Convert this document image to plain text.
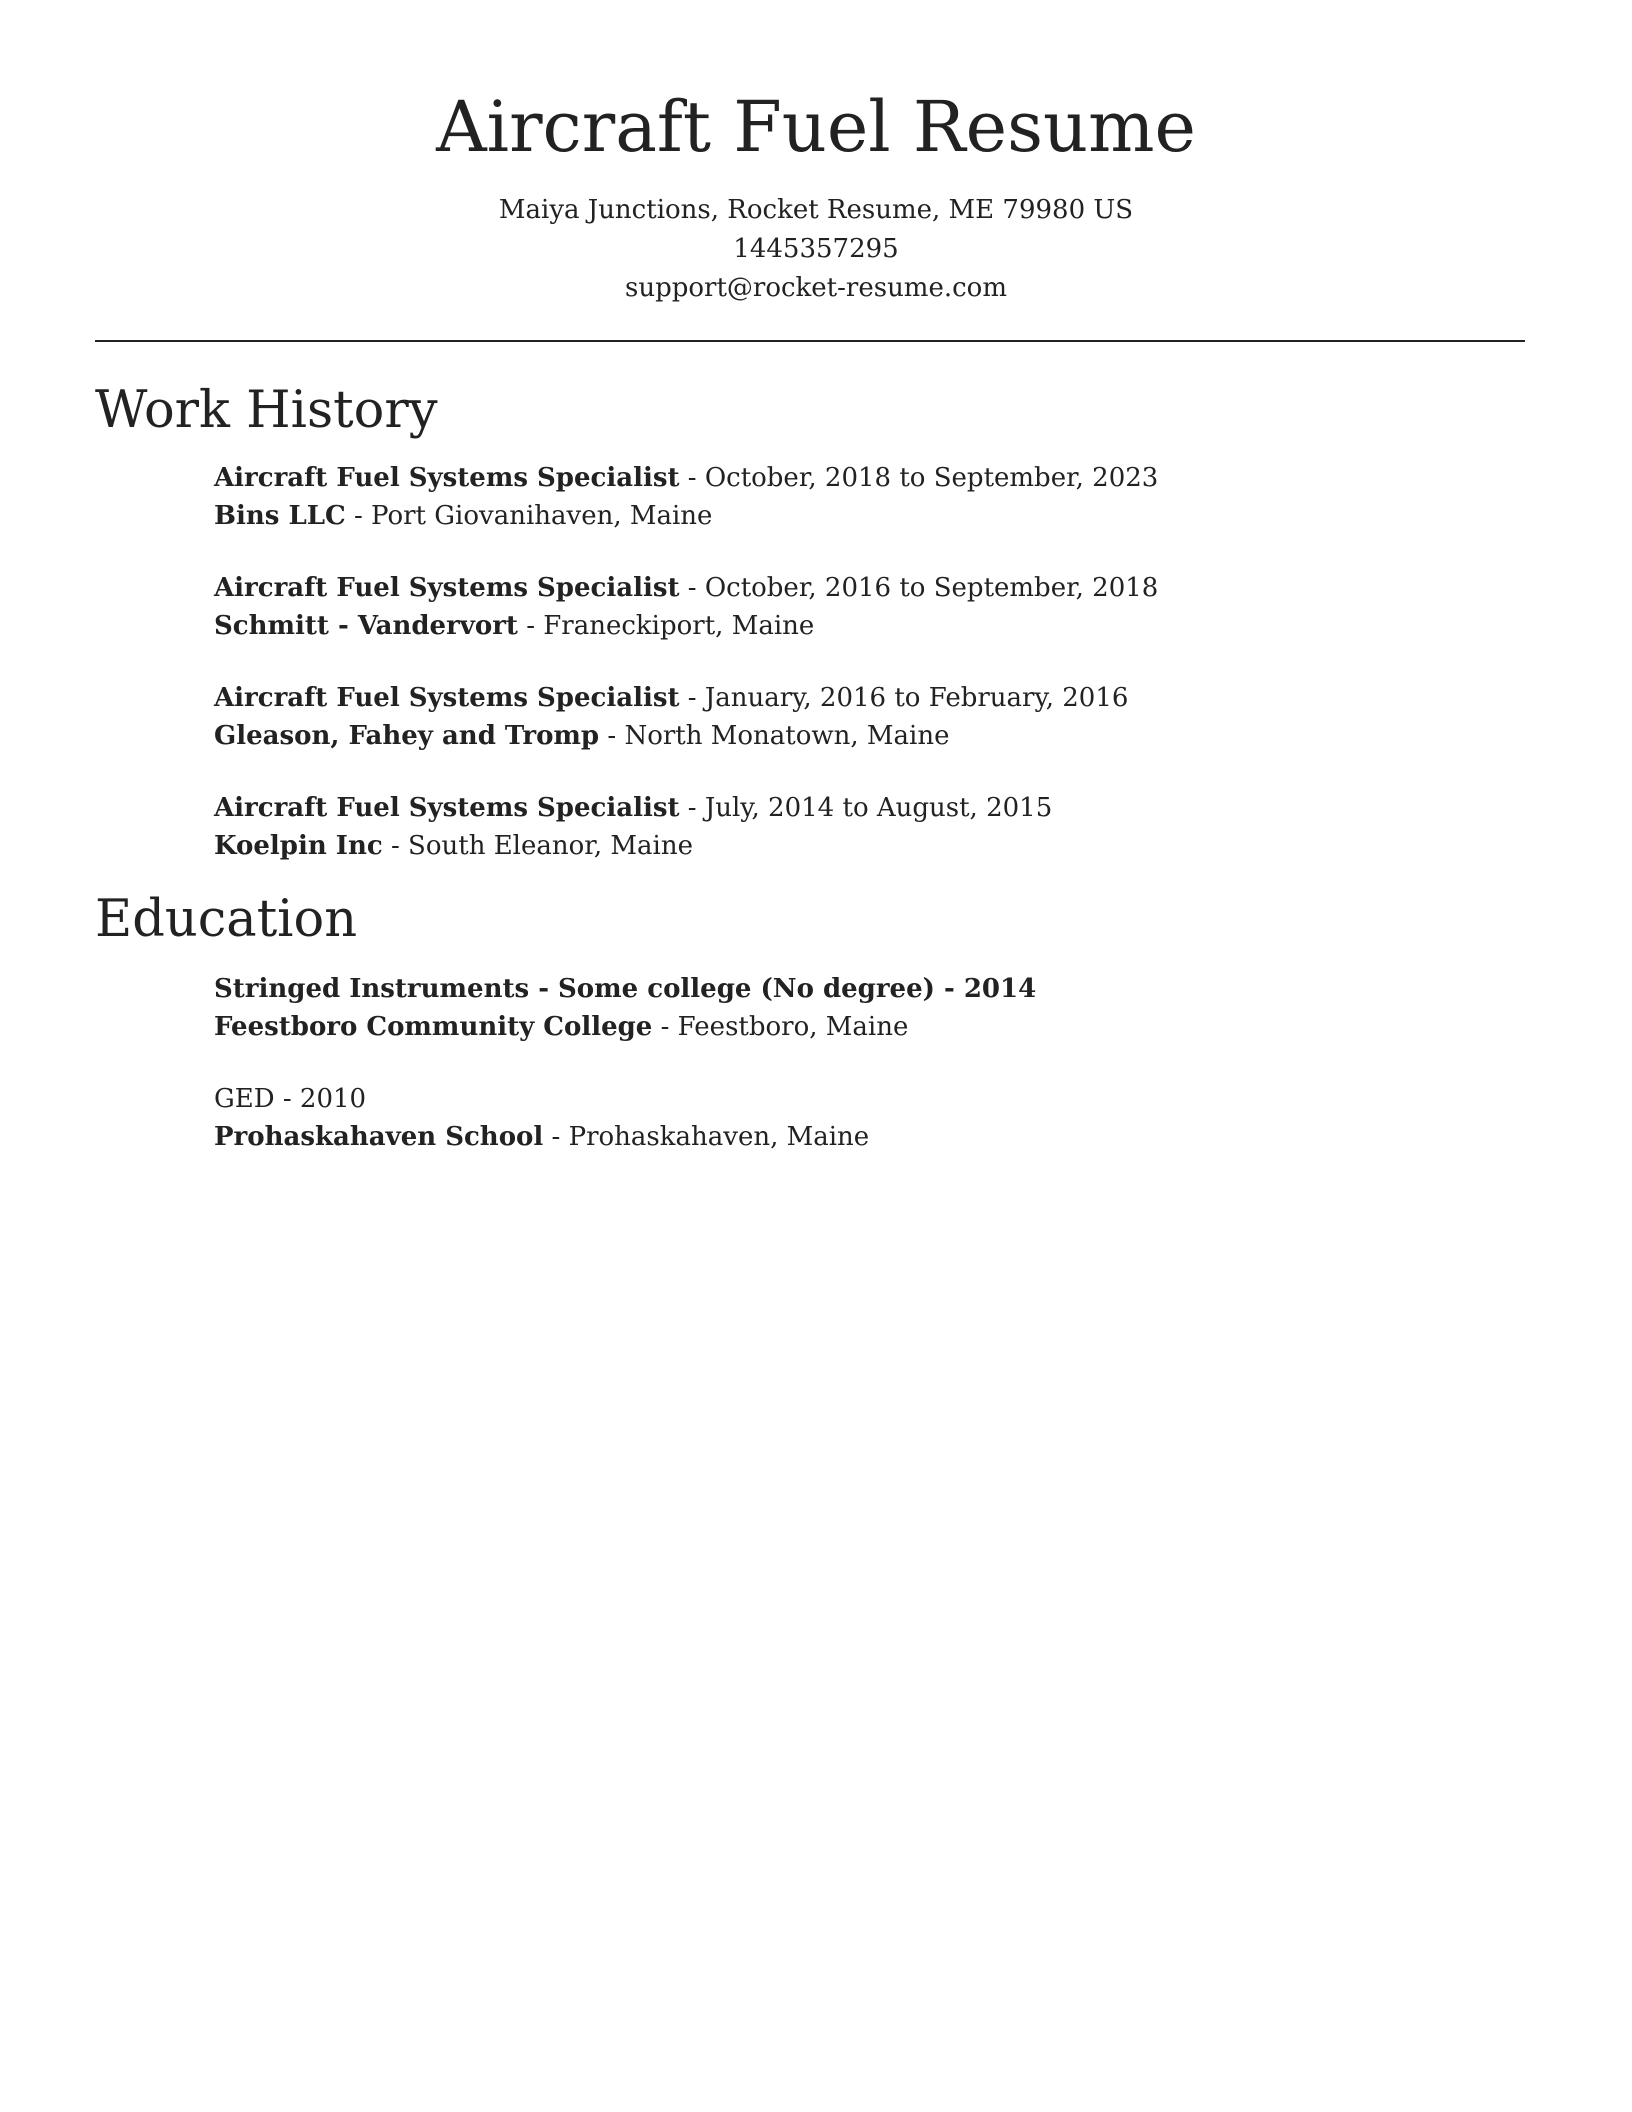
Aircraft Fuel Resume
Maiya Junctions, Rocket Resume, ME 79980 US
1445357295
support@rocket-resume.com
Work History
Aircraft Fuel Systems Specialist - October, 2018 to September, 2023
Bins LLC - Port Giovanihaven, Maine
Aircraft Fuel Systems Specialist - October, 2016 to September, 2018
Schmitt - Vandervort - Franeckiport, Maine
Aircraft Fuel Systems Specialist - January, 2016 to February, 2016
Gleason, Fahey and Tromp - North Monatown, Maine
Aircraft Fuel Systems Specialist - July, 2014 to August, 2015
Koelpin Inc - South Eleanor, Maine
Education
Stringed Instruments - Some college (No degree) - 2014
Feestboro Community College - Feestboro, Maine
GED - 2010
Prohaskahaven School - Prohaskahaven, Maine
